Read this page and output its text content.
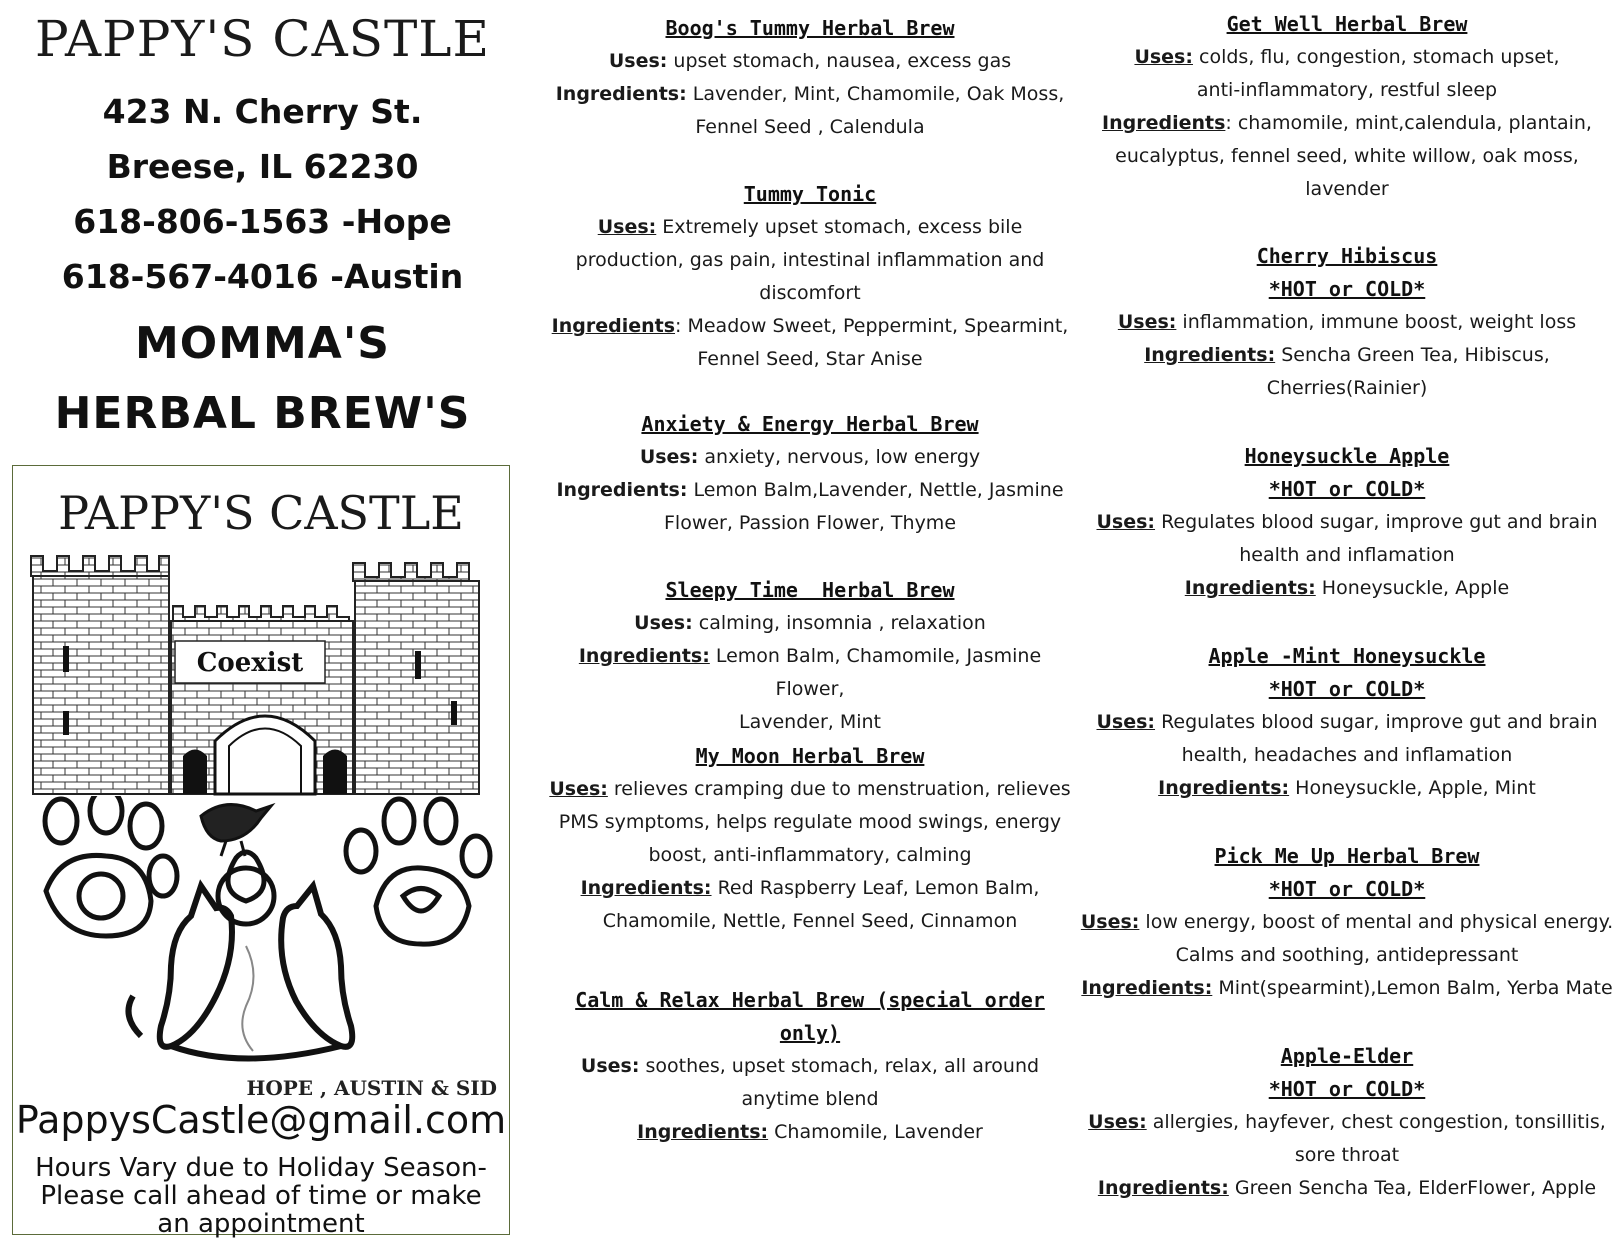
PAPPY'S CASTLE
423 N. Cherry St.
Breese, IL 62230
618-806-1563 -Hope
618-567-4016 -Austin
MOMMA'S
HERBAL BREW'S
PAPPY'S CASTLE
Coexist
HOPE , AUSTIN & SID
PappysCastle@gmail.com
Hours Vary due to Holiday Season-
Please call ahead of time or make
an appointment
Boog's Tummy Herbal Brew
Uses: upset stomach, nausea, excess gas
Ingredients: Lavender, Mint, Chamomile, Oak Moss,
Fennel Seed , Calendula
Tummy Tonic
Uses: Extremely upset stomach, excess bile
production, gas pain, intestinal inflammation and
discomfort
Ingredients: Meadow Sweet, Peppermint, Spearmint,
Fennel Seed, Star Anise
Anxiety & Energy Herbal Brew
Uses: anxiety, nervous, low energy
Ingredients: Lemon Balm,Lavender, Nettle, Jasmine
Flower, Passion Flower, Thyme
Sleepy Time  Herbal Brew
Uses: calming, insomnia , relaxation
Ingredients: Lemon Balm, Chamomile, Jasmine Flower,
Lavender, Mint
My Moon Herbal Brew
Uses: relieves cramping due to menstruation, relieves
PMS symptoms, helps regulate mood swings, energy
boost, anti-inflammatory, calming
Ingredients: Red Raspberry Leaf, Lemon Balm,
Chamomile, Nettle, Fennel Seed, Cinnamon
Calm & Relax Herbal Brew (special order only)
Uses: soothes, upset stomach, relax, all around
anytime blend
Ingredients: Chamomile, Lavender
Get Well Herbal Brew
Uses: colds, flu, congestion, stomach upset,
anti-inflammatory, restful sleep
Ingredients: chamomile, mint,calendula, plantain,
eucalyptus, fennel seed, white willow, oak moss,
lavender
Cherry Hibiscus
*HOT or COLD*
Uses: inflammation, immune boost, weight loss
Ingredients: Sencha Green Tea, Hibiscus,
Cherries(Rainier)
Honeysuckle Apple
*HOT or COLD*
Uses: Regulates blood sugar, improve gut and brain
health and inflamation
Ingredients: Honeysuckle, Apple
Apple -Mint Honeysuckle
*HOT or COLD*
Uses: Regulates blood sugar, improve gut and brain
health, headaches and inflamation
Ingredients: Honeysuckle, Apple, Mint
Pick Me Up Herbal Brew
*HOT or COLD*
Uses: low energy, boost of mental and physical energy.
Calms and soothing, antidepressant
Ingredients: Mint(spearmint),Lemon Balm, Yerba Mate
Apple-Elder
*HOT or COLD*
Uses: allergies, hayfever, chest congestion, tonsillitis,
sore throat
Ingredients: Green Sencha Tea, ElderFlower, Apple
